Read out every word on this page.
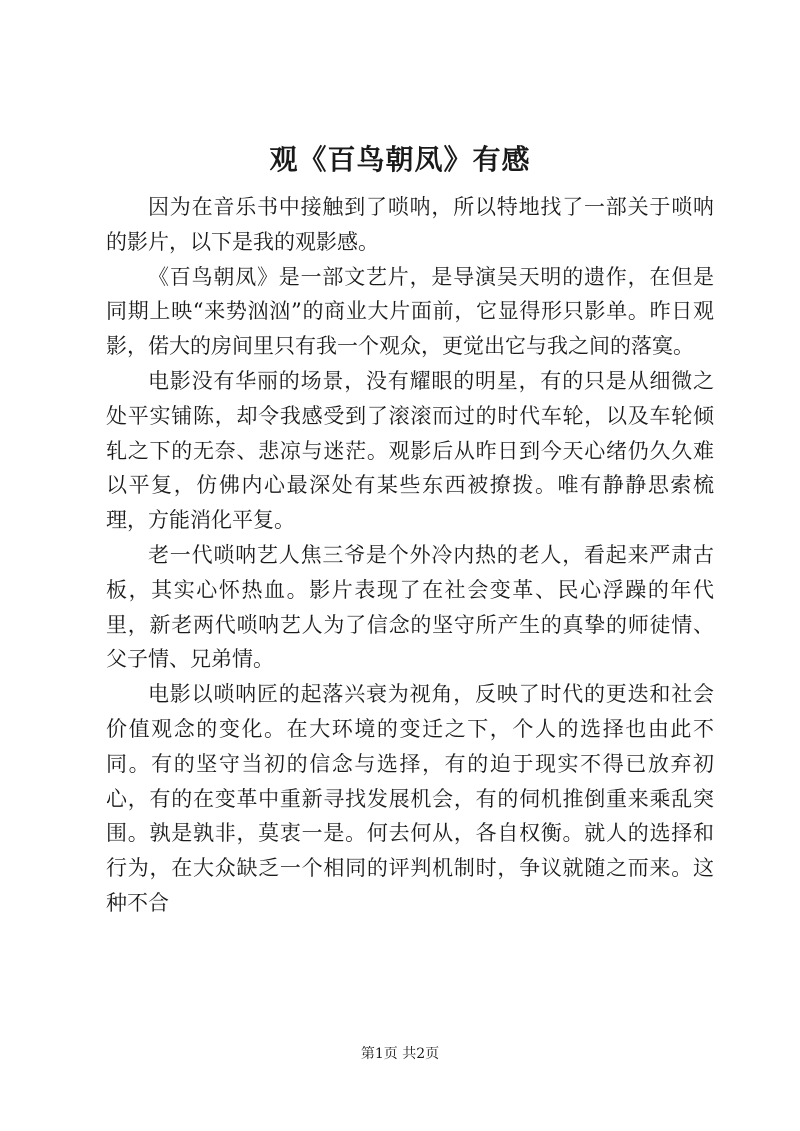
观《百鸟朝凤》有感

因为在音乐书中接触到了唢呐，所以特地找了一部关于唢呐的影片，以下是我的观影感。

《百鸟朝凤》是一部文艺片，是导演吴天明的遗作，在但是同期上映“来势汹汹”的商业大片面前，它显得形只影单。昨日观影，偌大的房间里只有我一个观众，更觉出它与我之间的落寞。

电影没有华丽的场景，没有耀眼的明星，有的只是从细微之处平实铺陈，却令我感受到了滚滚而过的时代车轮，以及车轮倾轧之下的无奈、悲凉与迷茫。观影后从昨日到今天心绪仍久久难以平复，仿佛内心最深处有某些东西被撩拨。唯有静静思索梳理，方能消化平复。

老一代唢呐艺人焦三爷是个外冷内热的老人，看起来严肃古板，其实心怀热血。影片表现了在社会变革、民心浮躁的年代里，新老两代唢呐艺人为了信念的坚守所产生的真挚的师徒情、父子情、兄弟情。

电影以唢呐匠的起落兴衰为视角，反映了时代的更迭和社会价值观念的变化。在大环境的变迁之下，个人的选择也由此不同。有的坚守当初的信念与选择，有的迫于现实不得已放弃初心，有的在变革中重新寻找发展机会，有的伺机推倒重来乘乱突围。孰是孰非，莫衷一是。何去何从，各自权衡。就人的选择和行为，在大众缺乏一个相同的评判机制时，争议就随之而来。这种不合

第1页 共2页
